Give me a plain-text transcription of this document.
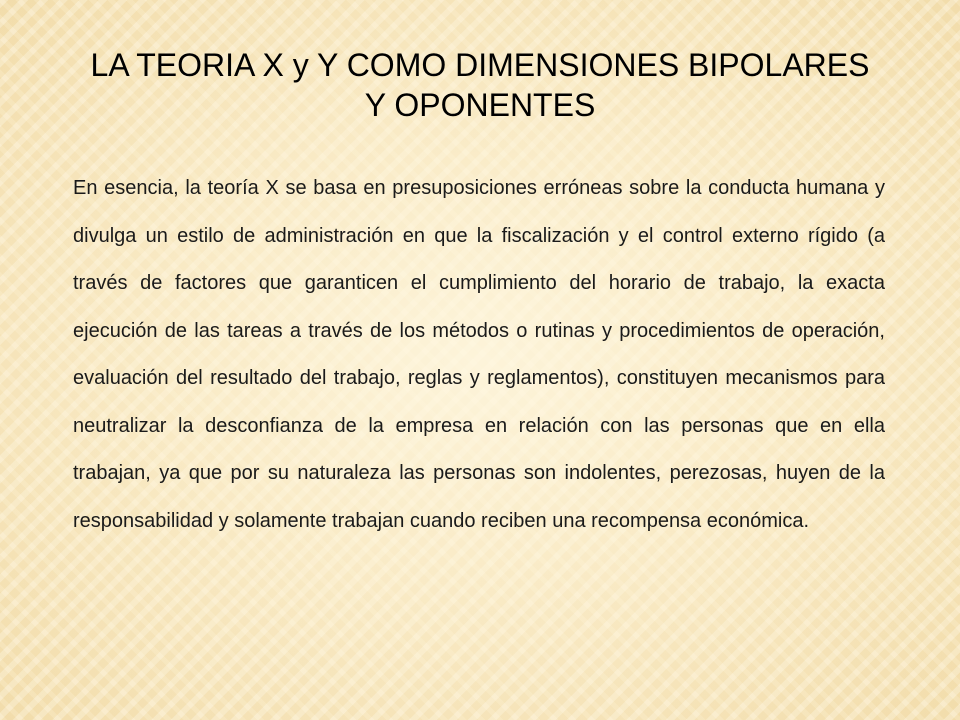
LA TEORIA X y Y COMO DIMENSIONES BIPOLARES
Y OPONENTES

En esencia, la teoría X se basa en presuposiciones erróneas sobre la conducta humana y divulga un estilo de administración en que la fiscalización y el control externo rígido (a través de factores que garanticen el cumplimiento del horario de trabajo, la exacta ejecución de las tareas a través de los métodos o rutinas y procedimientos de operación, evaluación del resultado del trabajo, reglas y reglamentos), constituyen mecanismos para neutralizar la desconfianza de la empresa en relación con las personas que en ella trabajan, ya que por su naturaleza las personas son indolentes, perezosas, huyen de la responsabilidad y solamente trabajan cuando reciben una recompensa económica.
